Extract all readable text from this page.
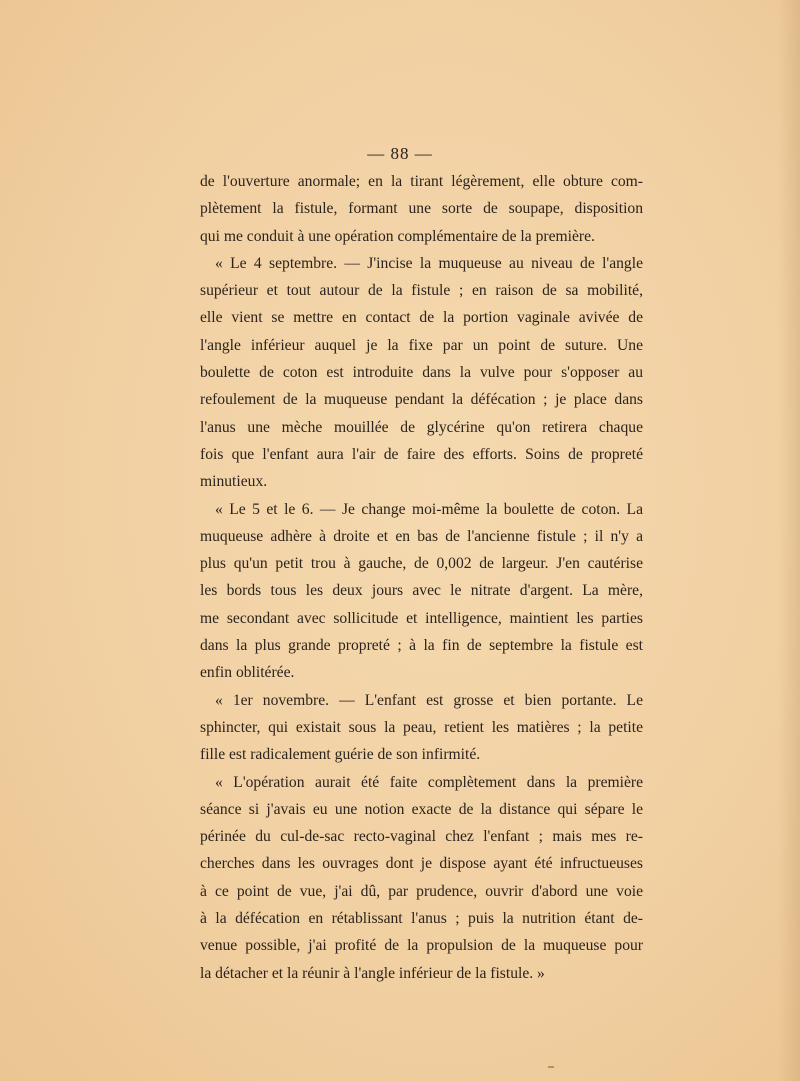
— 88 —

de l'ouverture anormale; en la tirant légèrement, elle obture com-
plètement la fistule, formant une sorte de soupape, disposition
qui me conduit à une opération complémentaire de la première.
« Le 4 septembre. — J'incise la muqueuse au niveau de l'angle
supérieur et tout autour de la fistule ; en raison de sa mobilité,
elle vient se mettre en contact de la portion vaginale avivée de
l'angle inférieur auquel je la fixe par un point de suture. Une
boulette de coton est introduite dans la vulve pour s'opposer au
refoulement de la muqueuse pendant la défécation ; je place dans
l'anus une mèche mouillée de glycérine qu'on retirera chaque
fois que l'enfant aura l'air de faire des efforts. Soins de propreté
minutieux.
« Le 5 et le 6. — Je change moi-même la boulette de coton. La
muqueuse adhère à droite et en bas de l'ancienne fistule ; il n'y a
plus qu'un petit trou à gauche, de 0,002 de largeur. J'en cautérise
les bords tous les deux jours avec le nitrate d'argent. La mère,
me secondant avec sollicitude et intelligence, maintient les parties
dans la plus grande propreté ; à la fin de septembre la fistule est
enfin oblitérée.
« 1er novembre. — L'enfant est grosse et bien portante. Le
sphincter, qui existait sous la peau, retient les matières ; la petite
fille est radicalement guérie de son infirmité.
« L'opération aurait été faite complètement dans la première
séance si j'avais eu une notion exacte de la distance qui sépare le
périnée du cul-de-sac recto-vaginal chez l'enfant ; mais mes re-
cherches dans les ouvrages dont je dispose ayant été infructueuses
à ce point de vue, j'ai dû, par prudence, ouvrir d'abord une voie
à la défécation en rétablissant l'anus ; puis la nutrition étant de-
venue possible, j'ai profité de la propulsion de la muqueuse pour
la détacher et la réunir à l'angle inférieur de la fistule. »
